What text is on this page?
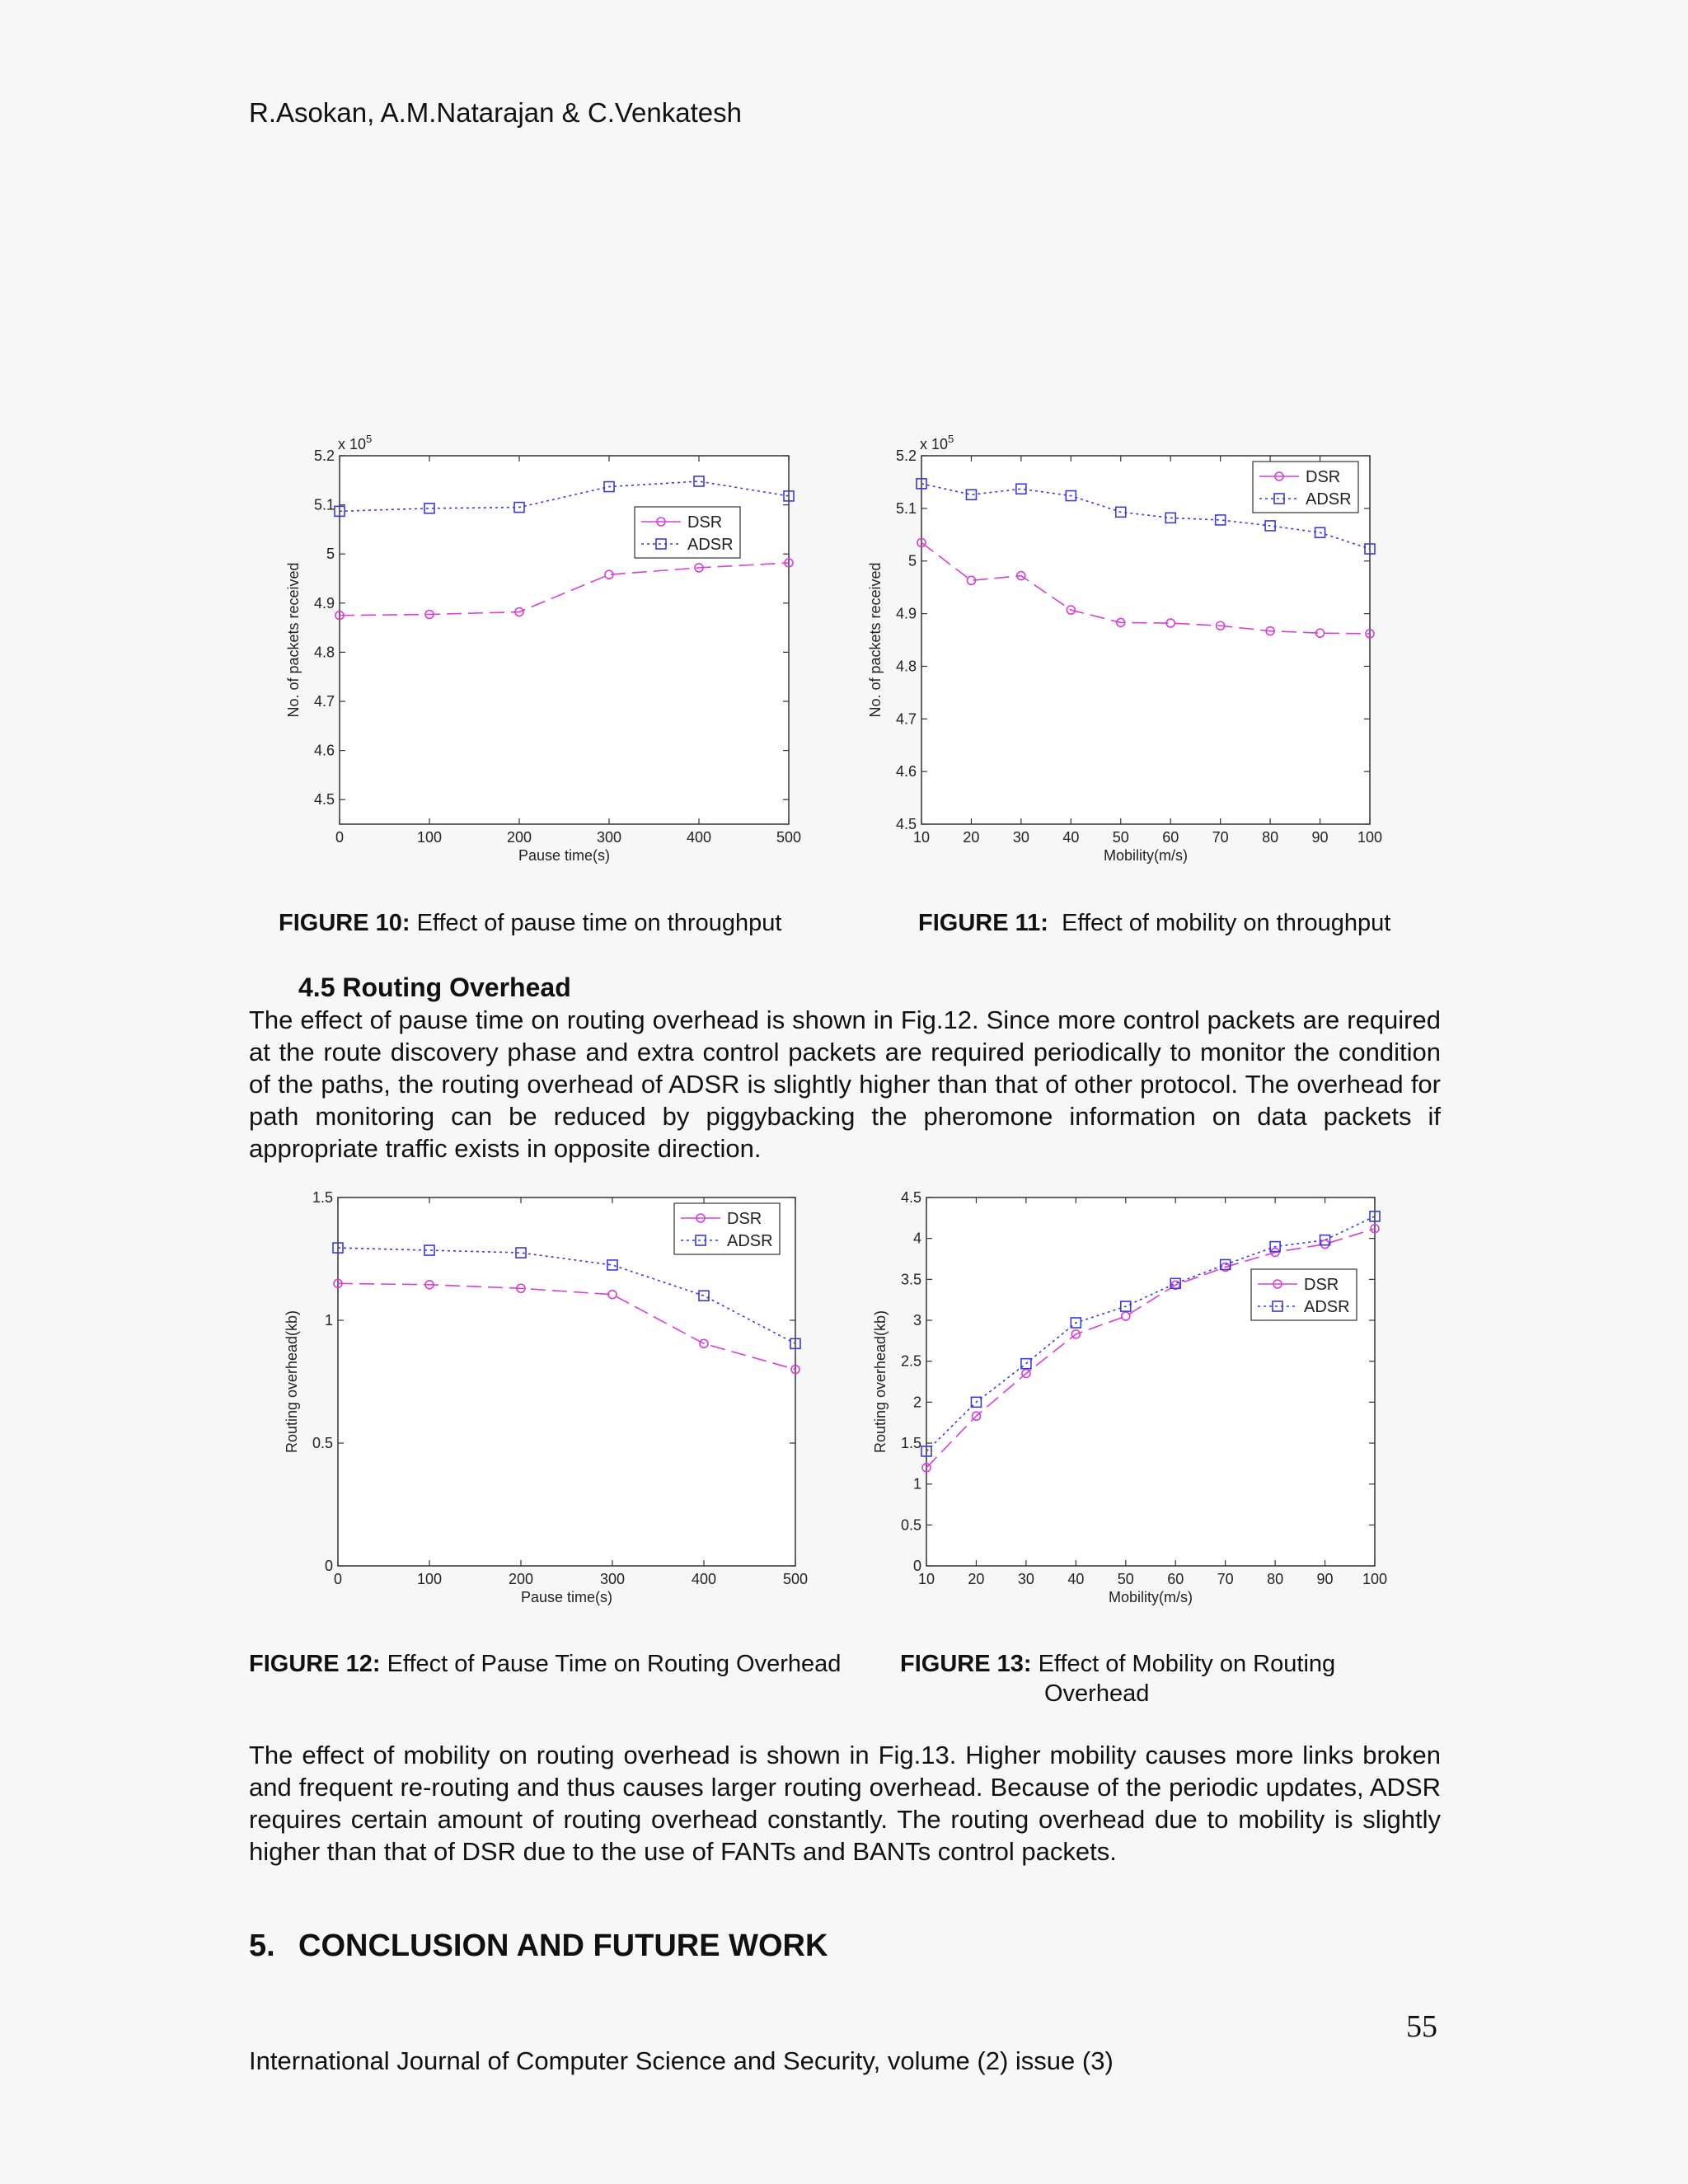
R.Asokan, A.M.Natarajan & C.Venkatesh
0	100	200	300	400	500
4.5
4.6
4.7
4.8
4.9
5
5.1
5.2
x $10^5$
Pause time(s)
No. of packets received
DSR
ADSR
10 20 30 40 50 60 70 80 90 100
4.5
4.6
4.7
4.8
4.9
5
5.1
5.2
x $10^5$
Mobility(m/s)
No. of packets received
DSR
ADSR
FIGURE 10: Effect of pause time on throughput	FIGURE 11: Effect of mobility on throughput
4.5 Routing Overhead
The effect of pause time on routing overhead is shown in Fig.12. Since more control packets are required at the route discovery phase and extra control packets are required periodically to monitor the condition of the paths, the routing overhead of ADSR is slightly higher than that of other protocol. The overhead for path monitoring can be reduced by piggybacking the pheromone information on data packets if appropriate traffic exists in opposite direction.
0	100	200	300	400	500
0
0.5
1
1.5
Pause time(s)
Routing overhead(kb)
DSR
ADSR
10 20 30 40 50 60 70 80 90 100
0
0.5
1
1.5
2
2.5
3
3.5
4
4.5
Mobility(m/s)
Routing overhead(kb)
DSR
ADSR
FIGURE 12: Effect of Pause Time on Routing Overhead FIGURE 13: Effect of Mobility on Routing
Overhead
The effect of mobility on routing overhead is shown in Fig.13. Higher mobility causes more links broken and frequent re-routing and thus causes larger routing overhead. Because of the periodic updates, ADSR requires certain amount of routing overhead constantly. The routing overhead due to mobility is slightly higher than that of DSR due to the use of FANTs and BANTs control packets.
5. CONCLUSION AND FUTURE WORK
55
International Journal of Computer Science and Security, volume (2) issue (3)
